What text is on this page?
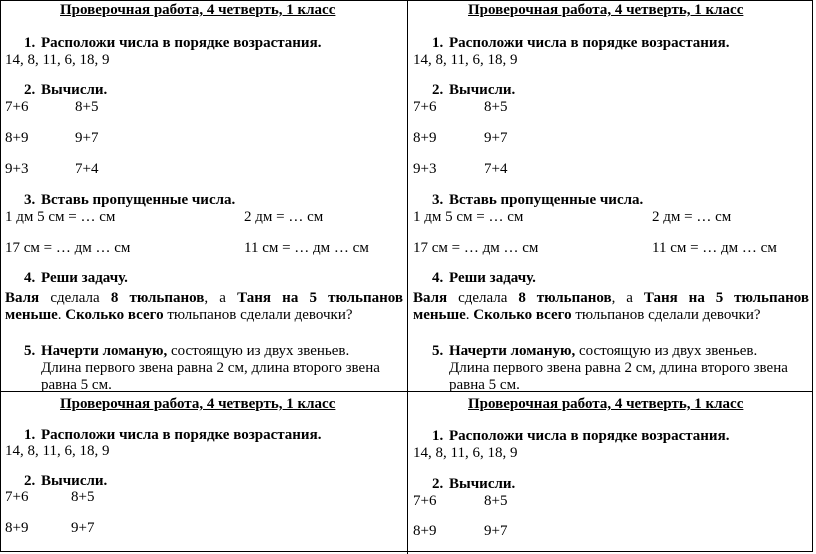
Проверочная работа, 4 четверть, 1 класс
1. Расположи числа в порядке возрастания.
14, 8, 11, 6, 18, 9
2. Вычисли.
7+6	8+5
8+9	9+7
9+3	7+4
3. Вставь пропущенные числа.
1 дм 5 см = … см	2 дм = … см
17 см = … дм … см	11 см = … дм … см
4. Реши задачу.
Валя сделала 8 тюльпанов, а Таня на 5 тюльпанов меньше. Сколько всего тюльпанов сделали девочки?
5. Начерти ломаную, состоящую из двух звеньев.
Длина первого звена равна 2 см, длина второго звена
равна 5 см.
Проверочная работа, 4 четверть, 1 класс
1. Расположи числа в порядке возрастания.
14, 8, 11, 6, 18, 9
2. Вычисли.
7+6	8+5
8+9	9+7
9+3	7+4
3. Вставь пропущенные числа.
1 дм 5 см = … см	2 дм = … см
17 см = … дм … см	11 см = … дм … см
4. Реши задачу.
Валя сделала 8 тюльпанов, а Таня на 5 тюльпанов меньше. Сколько всего тюльпанов сделали девочки?
5. Начерти ломаную, состоящую из двух звеньев.
Длина первого звена равна 2 см, длина второго звена
равна 5 см.
Проверочная работа, 4 четверть, 1 класс
1. Расположи числа в порядке возрастания.
14, 8, 11, 6, 18, 9
2. Вычисли.
7+6	8+5
8+9	9+7
Проверочная работа, 4 четверть, 1 класс
1. Расположи числа в порядке возрастания.
14, 8, 11, 6, 18, 9
2. Вычисли.
7+6	8+5
8+9	9+7
